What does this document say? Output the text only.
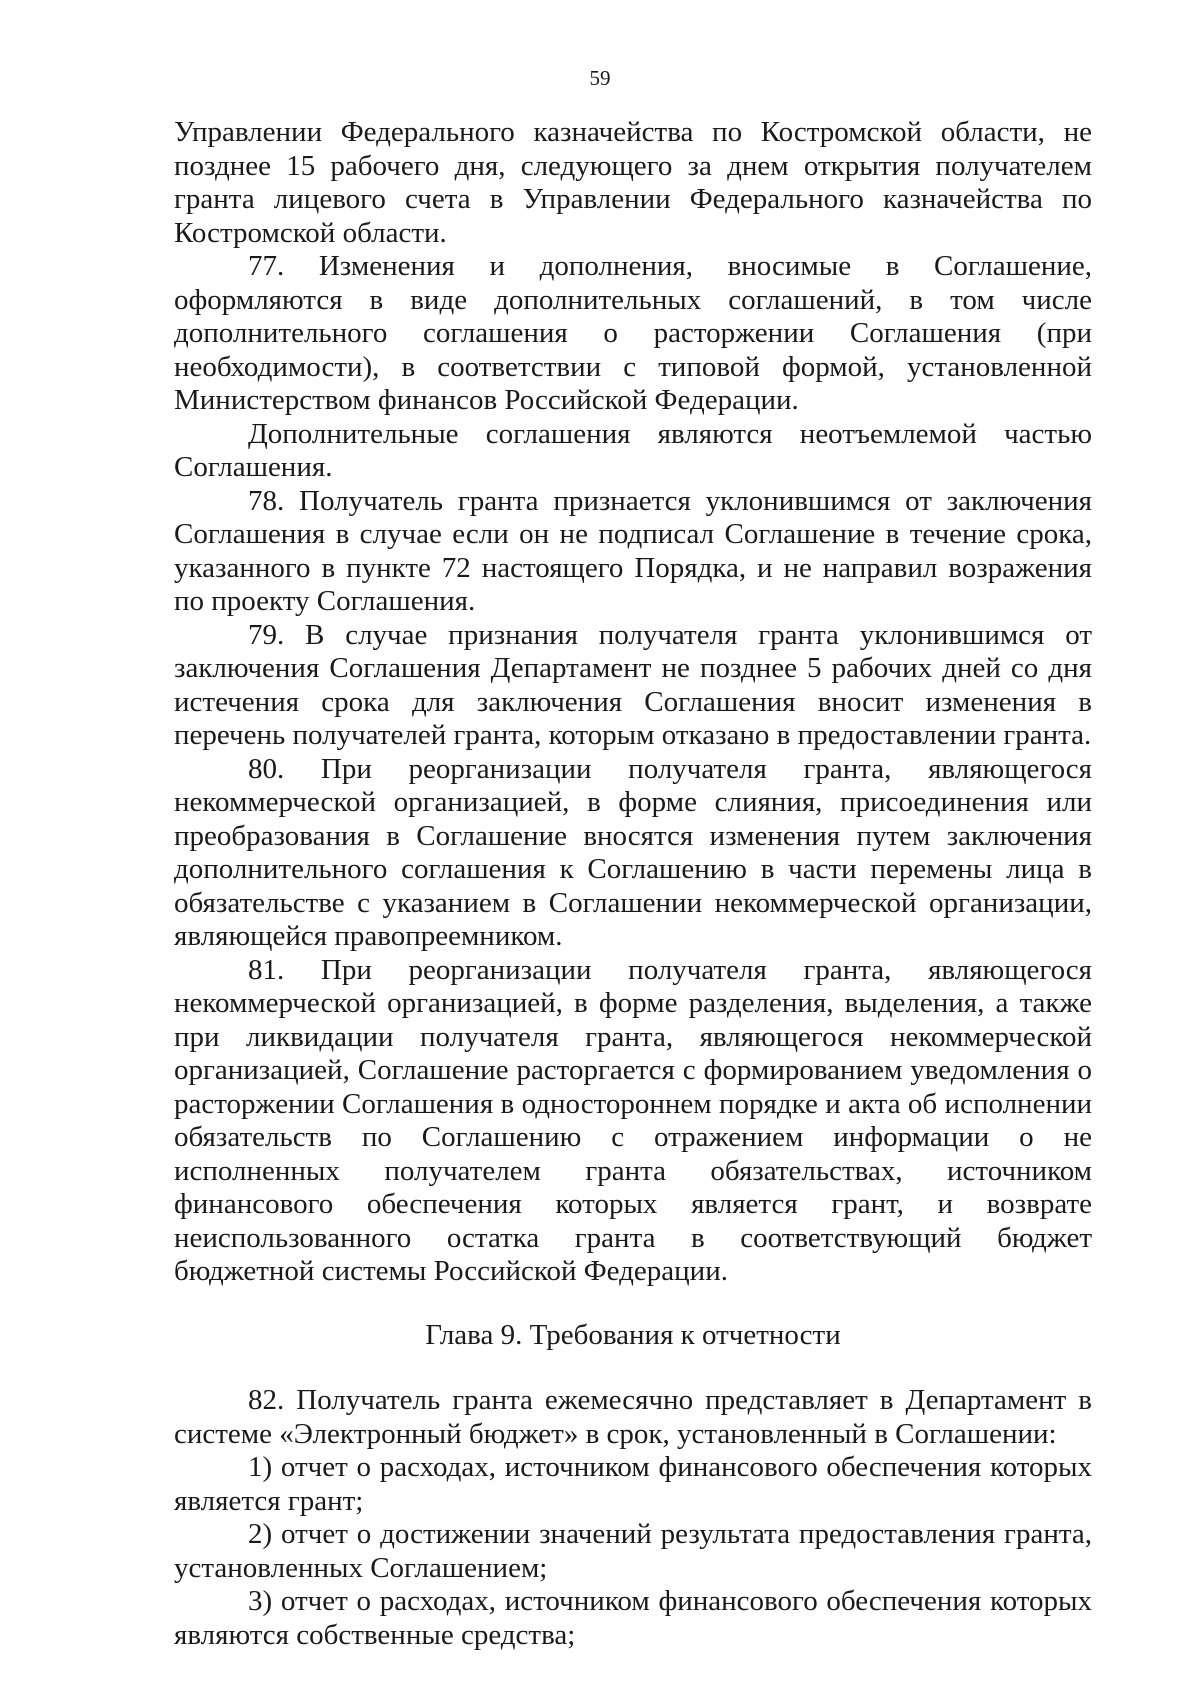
59

Управлении Федерального казначейства по Костромской области, не позднее 15 рабочего дня, следующего за днем открытия получателем гранта лицевого счета в Управлении Федерального казначейства по Костромской области.

77. Изменения и дополнения, вносимые в Соглашение, оформляются в виде дополнительных соглашений, в том числе дополнительного соглашения о расторжении Соглашения (при необходимости), в соответствии с типовой формой, установленной Министерством финансов Российской Федерации.

Дополнительные соглашения являются неотъемлемой частью Соглашения.

78. Получатель гранта признается уклонившимся от заключения Соглашения в случае если он не подписал Соглашение в течение срока, указанного в пункте 72 настоящего Порядка, и не направил возражения по проекту Соглашения.

79. В случае признания получателя гранта уклонившимся от заключения Соглашения Департамент не позднее 5 рабочих дней со дня истечения срока для заключения Соглашения вносит изменения в перечень получателей гранта, которым отказано в предоставлении гранта.

80. При реорганизации получателя гранта, являющегося некоммерческой организацией, в форме слияния, присоединения или преобразования в Соглашение вносятся изменения путем заключения дополнительного соглашения к Соглашению в части перемены лица в обязательстве с указанием в Соглашении некоммерческой организации, являющейся правопреемником.

81. При реорганизации получателя гранта, являющегося некоммерческой организацией, в форме разделения, выделения, а также при ликвидации получателя гранта, являющегося некоммерческой организацией, Соглашение расторгается с формированием уведомления о расторжении Соглашения в одностороннем порядке и акта об исполнении обязательств по Соглашению с отражением информации о не исполненных получателем гранта обязательствах, источником финансового обеспечения которых является грант, и возврате неиспользованного остатка гранта в соответствующий бюджет бюджетной системы Российской Федерации.

Глава 9. Требования к отчетности

82. Получатель гранта ежемесячно представляет в Департамент в системе «Электронный бюджет» в срок, установленный в Соглашении:

1) отчет о расходах, источником финансового обеспечения которых является грант;

2) отчет о достижении значений результата предоставления гранта, установленных Соглашением;

3) отчет о расходах, источником финансового обеспечения которых являются собственные средства;
